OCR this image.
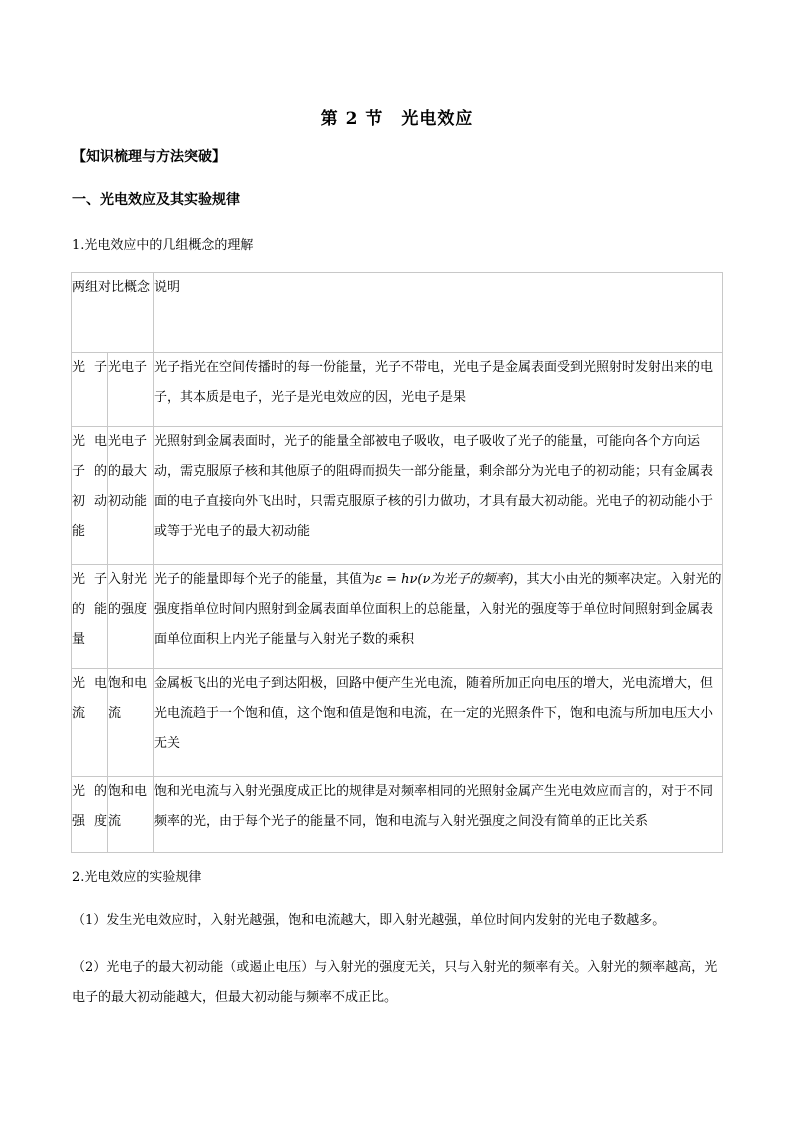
第 2 节　光电效应
【知识梳理与方法突破】
一、光电效应及其实验规律
1.光电效应中的几组概念的理解
两组对比概念		说明
光子	光电子	光子指光在空间传播时的每一份能量，光子不带电，光电子是金属表面受到光照射时发射出来的电子，其本质是电子，光子是光电效应的因，光电子是果
光电子的初动能	光电子的最大初动能	光照射到金属表面时，光子的能量全部被电子吸收，电子吸收了光子的能量，可能向各个方向运动，需克服原子核和其他原子的阻碍而损失一部分能量，剩余部分为光电子的初动能；只有金属表面的电子直接向外飞出时，只需克服原子核的引力做功，才具有最大初动能。光电子的初动能小于或等于光电子的最大初动能
光子的能量	入射光的强度	光子的能量即每个光子的能量，其值为ε = hν(ν为光子的频率)，其大小由光的频率决定。入射光的强度指单位时间内照射到金属表面单位面积上的总能量，入射光的强度等于单位时间照射到金属表面单位面积上内光子能量与入射光子数的乘积
光电流	饱和电流	金属板飞出的光电子到达阳极，回路中便产生光电流，随着所加正向电压的增大，光电流增大，但光电流趋于一个饱和值，这个饱和值是饱和电流，在一定的光照条件下，饱和电流与所加电压大小无关
光的强度	饱和电流	饱和光电流与入射光强度成正比的规律是对频率相同的光照射金属产生光电效应而言的，对于不同频率的光，由于每个光子的能量不同，饱和电流与入射光强度之间没有简单的正比关系
2.光电效应的实验规律

（1）发生光电效应时，入射光越强，饱和电流越大，即入射光越强，单位时间内发射的光电子数越多。

（2）光电子的最大初动能（或遏止电压）与入射光的强度无关，只与入射光的频率有关。入射光的频率越高，光电子的最大初动能越大，但最大初动能与频率不成正比。
